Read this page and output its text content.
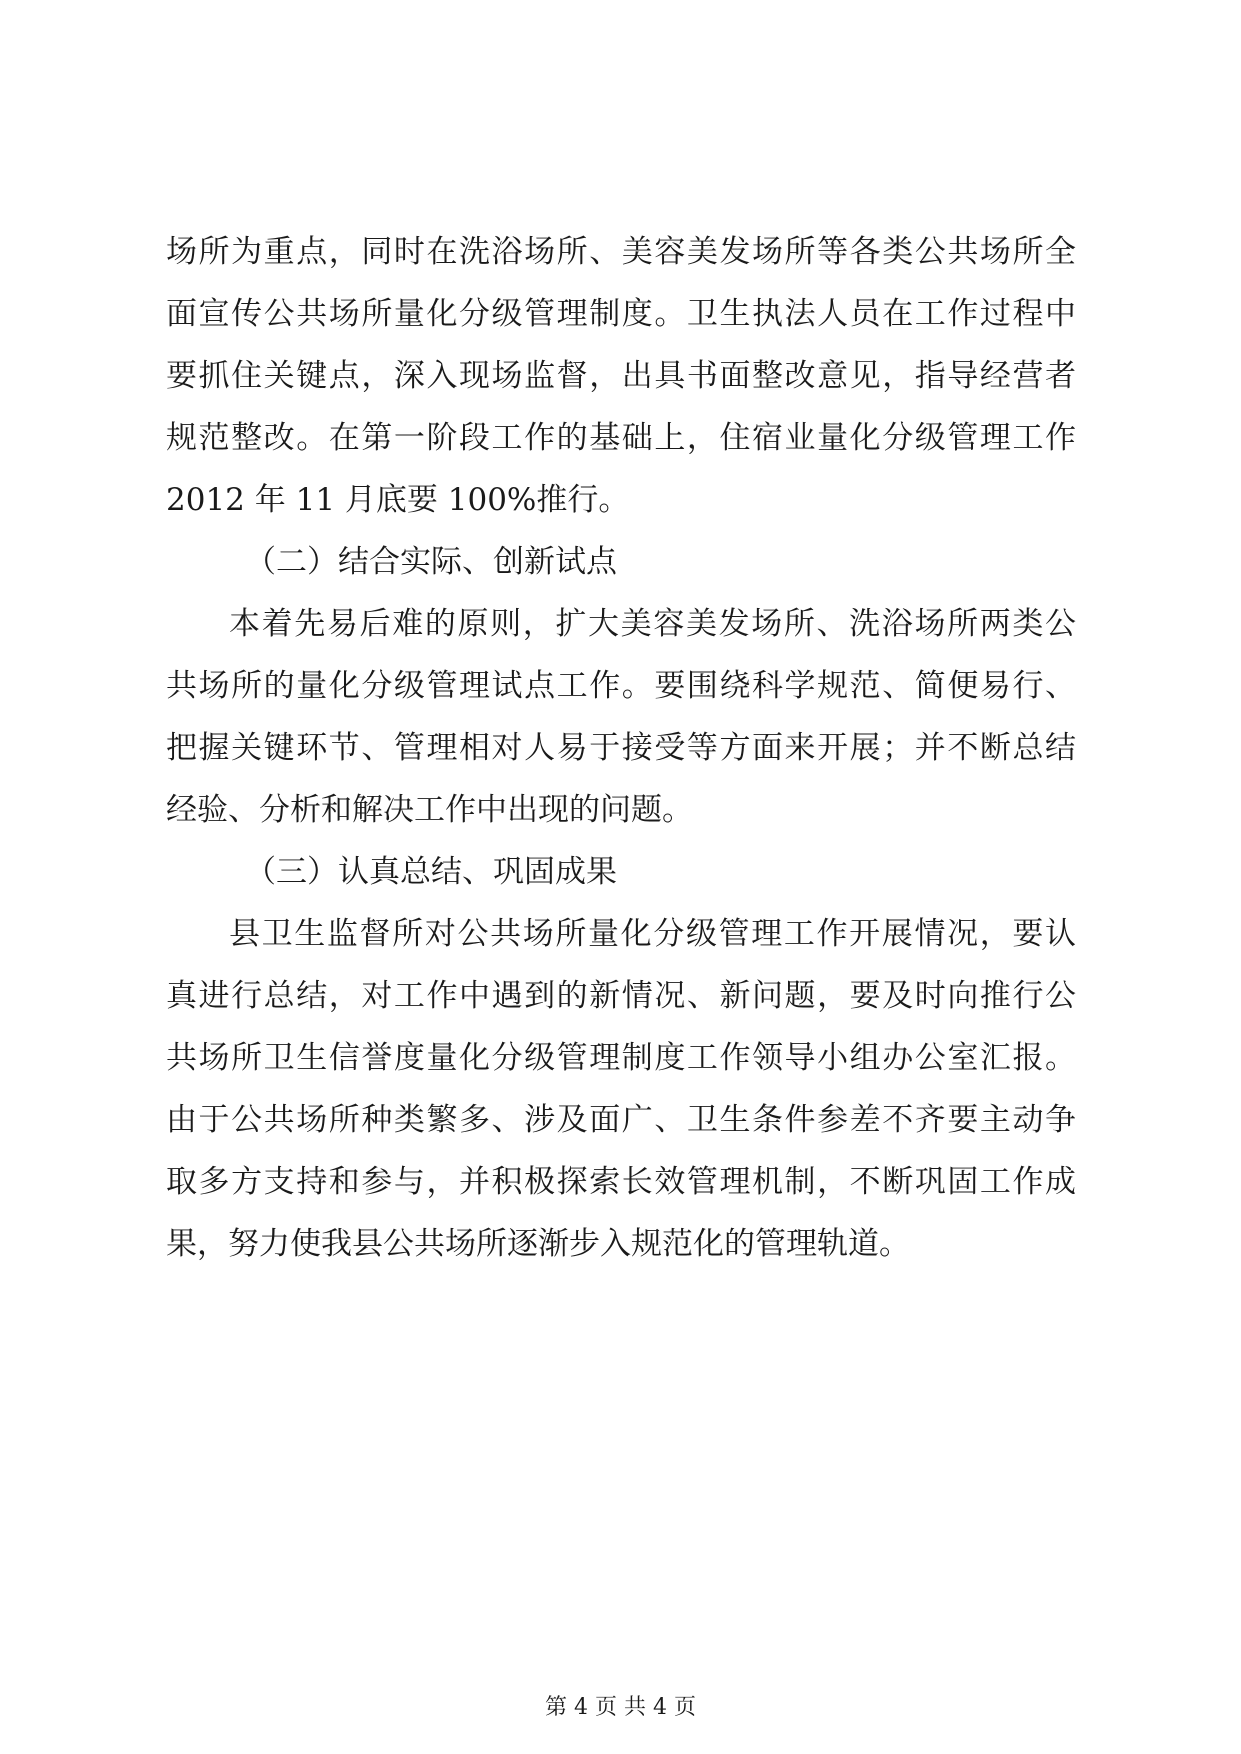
场所为重点，同时在洗浴场所、美容美发场所等各类公共场所全
面宣传公共场所量化分级管理制度。卫生执法人员在工作过程中
要抓住关键点，深入现场监督，出具书面整改意见，指导经营者
规范整改。在第一阶段工作的基础上，住宿业量化分级管理工作
2012 年 11 月底要 100%推行。
（二）结合实际、创新试点
本着先易后难的原则，扩大美容美发场所、洗浴场所两类公
共场所的量化分级管理试点工作。要围绕科学规范、简便易行、
把握关键环节、管理相对人易于接受等方面来开展；并不断总结
经验、分析和解决工作中出现的问题。
（三）认真总结、巩固成果
县卫生监督所对公共场所量化分级管理工作开展情况，要认
真进行总结，对工作中遇到的新情况、新问题，要及时向推行公
共场所卫生信誉度量化分级管理制度工作领导小组办公室汇报。
由于公共场所种类繁多、涉及面广、卫生条件参差不齐要主动争
取多方支持和参与，并积极探索长效管理机制，不断巩固工作成
果，努力使我县公共场所逐渐步入规范化的管理轨道。
第 4 页 共 4 页
